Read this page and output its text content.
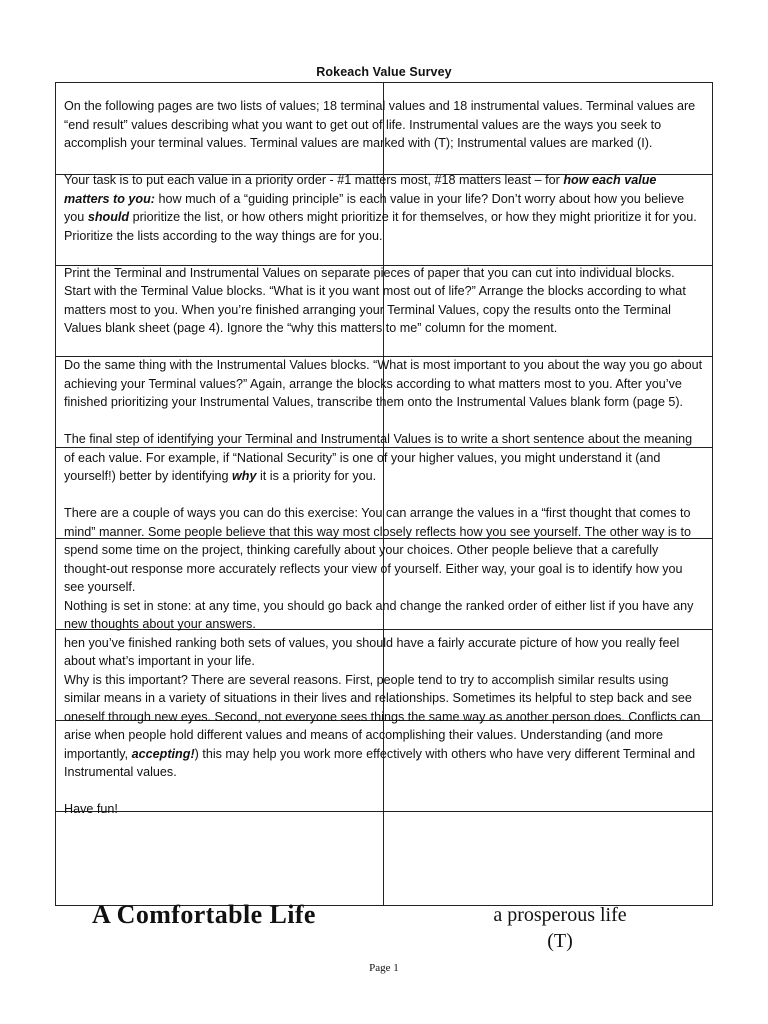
Rokeach Value Survey

On the following pages are two lists of values; 18 terminal values and 18 instrumental values. Terminal values are “end result” values describing what you want to get out of life. Instrumental values are the ways you seek to accomplish your terminal values. Terminal values are marked with (T); Instrumental values are marked (I).

Your task is to put each value in a priority order - #1 matters most, #18 matters least – for how each value matters to you: how much of a “guiding principle” is each value in your life? Don’t worry about how you believe you should prioritize the list, or how others might prioritize it for themselves, or how they might prioritize it for you. Prioritize the lists according to the way things are for you.

Print the Terminal and Instrumental Values on separate pieces of paper that you can cut into individual blocks. Start with the Terminal Value blocks. “What is it you want most out of life?” Arrange the blocks according to what matters most to you. When you’re finished arranging your Terminal Values, copy the results onto the Terminal Values blank sheet (page 4). Ignore the “why this matters to me” column for the moment.

Do the same thing with the Instrumental Values blocks. “What is most important to you about the way you go about achieving your Terminal values?” Again, arrange the blocks according to what matters most to you. After you’ve finished prioritizing your Instrumental Values, transcribe them onto the Instrumental Values blank form (page 5).

The final step of identifying your Terminal and Instrumental Values is to write a short sentence about the meaning of each value. For example, if “National Security” is one of your higher values, you might understand it (and yourself!) better by identifying why it is a priority for you.

There are a couple of ways you can do this exercise: You can arrange the values in a “first thought that comes to mind” manner. Some people believe that this way most closely reflects how you see yourself. The other way is to spend some time on the project, thinking carefully about your choices. Other people believe that a carefully thought-out response more accurately reflects your view of yourself. Either way, your goal is to identify how you see yourself.

Nothing is set in stone: at any time, you should go back and change the ranked order of either list if you have any new thoughts about your answers.

hen you’ve finished ranking both sets of values, you should have a fairly accurate picture of how you really feel about what’s important in your life.

Why is this important? There are several reasons. First, people tend to try to accomplish similar results using similar means in a variety of situations in their lives and relationships. Sometimes its helpful to step back and see oneself through new eyes. Second, not everyone sees things the same way as another person does. Conflicts can arise when people hold different values and means of accomplishing their values. Understanding (and more importantly, accepting!) this may help you work more effectively with others who have very different Terminal and Instrumental values.

Have fun!

A Comfortable Life	a prosperous life
(T)
Page 1
